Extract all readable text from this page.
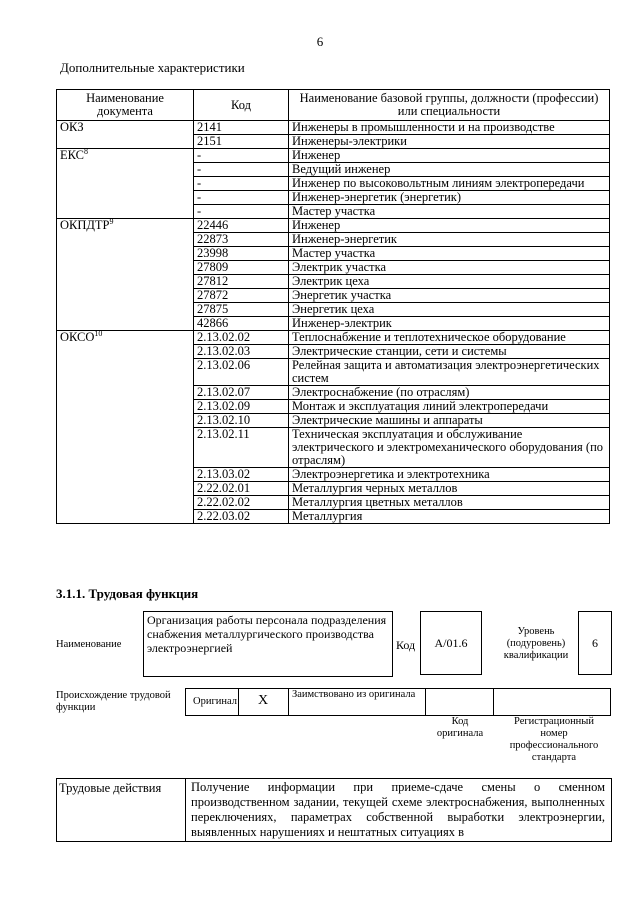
6
Дополнительные характеристики
Наименование документа	Код	Наименование базовой группы, должности (профессии) или специальности
ОКЗ	2141	Инженеры в промышленности и на производстве
	2151	Инженеры-электрики
ЕКС$^8$	-	Инженер
	-	Ведущий инженер
	-	Инженер по высоковольтным линиям электропередачи
	-	Инженер-энергетик (энергетик)
	-	Мастер участка
ОКПДТР$^9$	22446	Инженер
	22873	Инженер-энергетик
	23998	Мастер участка
	27809	Электрик участка
	27812	Электрик цеха
	27872	Энергетик участка
	27875	Энергетик цеха
	42866	Инженер-электрик
ОКСО$^{10}$	2.13.02.02	Теплоснабжение и теплотехническое оборудование
	2.13.02.03	Электрические станции, сети и системы
	2.13.02.06	Релейная защита и автоматизация электроэнергетических систем
	2.13.02.07	Электроснабжение (по отраслям)
	2.13.02.09	Монтаж и эксплуатация линий электропередачи
	2.13.02.10	Электрические машины и аппараты
	2.13.02.11	Техническая эксплуатация и обслуживание электрического и электромеханического оборудования (по отраслям)
	2.13.03.02	Электроэнергетика и электротехника
	2.22.02.01	Металлургия черных металлов
	2.22.02.02	Металлургия цветных металлов
	2.22.03.02	Металлургия
3.1.1. Трудовая функция
Наименование
Организация работы персонала подразделения снабжения металлургического производства электроэнергией	Код А/01.6
Уровень (подуровень) квалификации
6
Происхождение трудовой функции
Оригинал X Заимствовано из оригинала
Код оригинала
Регистрационный номер профессионального стандарта
Трудовые действия Получение информации при приеме-сдаче смены о сменном производственном задании, текущей схеме электроснабжения, выполненных переключениях, параметрах собственной выработки электроэнергии, выявленных нарушениях и нештатных ситуациях в
